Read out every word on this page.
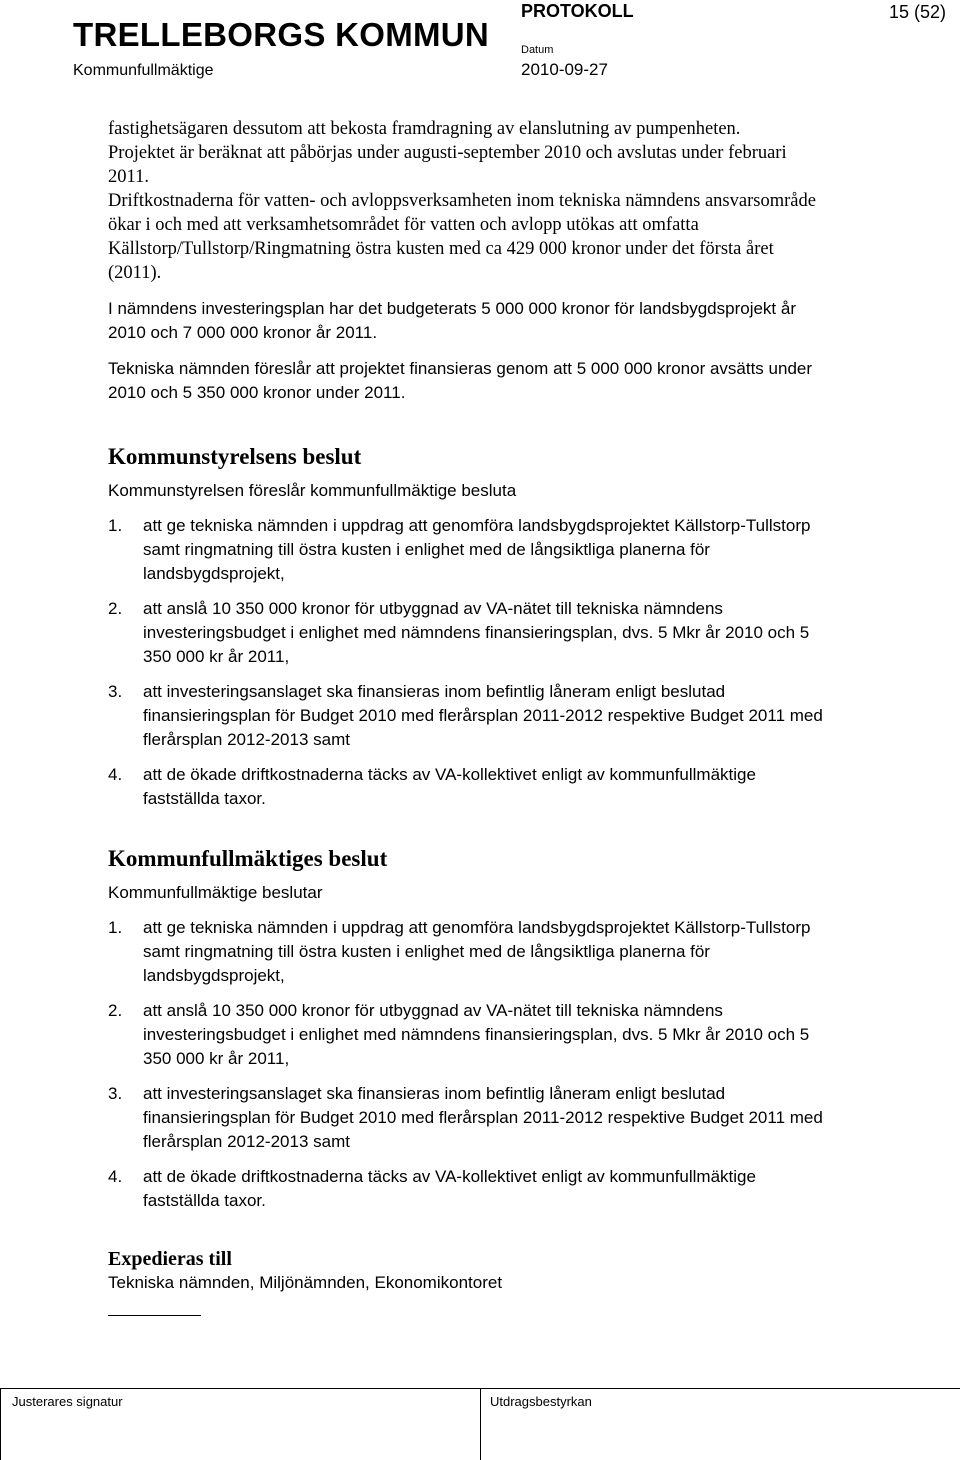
TRELLEBORGS KOMMUN
Kommunfullmäktige
PROTOKOLL
Datum
2010-09-27
15 (52)

fastighetsägaren dessutom att bekosta framdragning av elanslutning av pumpenheten.

Projektet är beräknat att påbörjas under augusti-september 2010 och avslutas under februari 2011.

Driftkostnaderna för vatten- och avloppsverksamheten inom tekniska nämndens ansvarsområde ökar i och med att verksamhetsområdet för vatten och avlopp utökas att omfatta Källstorp/Tullstorp/Ringmatning östra kusten med ca 429 000 kronor under det första året (2011).

I nämndens investeringsplan har det budgeterats 5 000 000 kronor för landsbygdsprojekt år 2010 och 7 000 000 kronor år 2011.

Tekniska nämnden föreslår att projektet finansieras genom att 5 000 000 kronor avsätts under 2010 och 5 350 000 kronor under 2011.

Kommunstyrelsens beslut

Kommunstyrelsen föreslår kommunfullmäktige besluta

1. att ge tekniska nämnden i uppdrag att genomföra landsbygdsprojektet Källstorp-Tullstorp samt ringmatning till östra kusten i enlighet med de långsiktliga planerna för landsbygdsprojekt,
2. att anslå 10 350 000 kronor för utbyggnad av VA-nätet till tekniska nämndens investeringsbudget i enlighet med nämndens finansieringsplan, dvs. 5 Mkr år 2010 och 5 350 000 kr år 2011,
3. att investeringsanslaget ska finansieras inom befintlig låneram enligt beslutad finansieringsplan för Budget 2010 med flerårsplan 2011-2012 respektive Budget 2011 med flerårsplan 2012-2013 samt
4. att de ökade driftkostnaderna täcks av VA-kollektivet enligt av kommunfullmäktige fastställda taxor.
Kommunfullmäktiges beslut

Kommunfullmäktige beslutar

1. att ge tekniska nämnden i uppdrag att genomföra landsbygdsprojektet Källstorp-Tullstorp samt ringmatning till östra kusten i enlighet med de långsiktliga planerna för landsbygdsprojekt,
2. att anslå 10 350 000 kronor för utbyggnad av VA-nätet till tekniska nämndens investeringsbudget i enlighet med nämndens finansieringsplan, dvs. 5 Mkr år 2010 och 5 350 000 kr år 2011,
3. att investeringsanslaget ska finansieras inom befintlig låneram enligt beslutad finansieringsplan för Budget 2010 med flerårsplan 2011-2012 respektive Budget 2011 med flerårsplan 2012-2013 samt
4. att de ökade driftkostnaderna täcks av VA-kollektivet enligt av kommunfullmäktige fastställda taxor.
Expedieras till

Tekniska nämnden, Miljönämnden, Ekonomikontoret

Justerares signatur	Utdragsbestyrkan
